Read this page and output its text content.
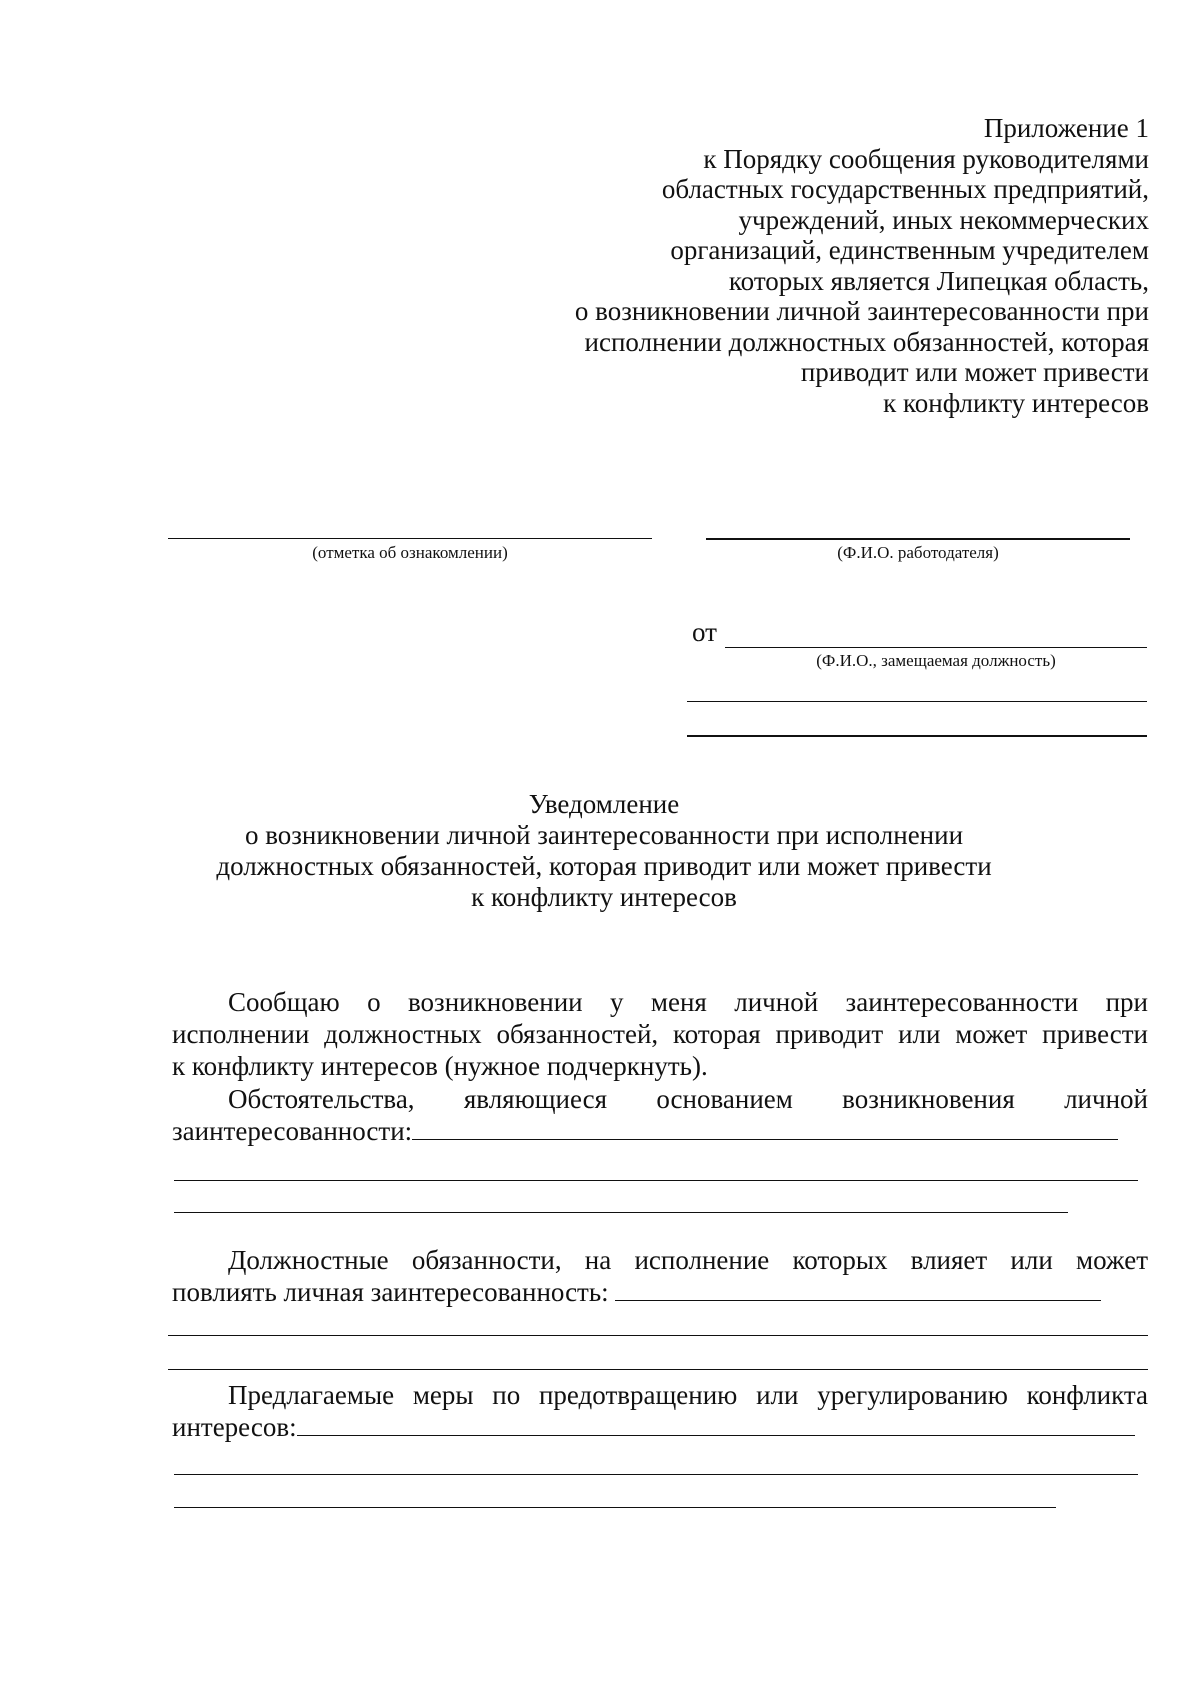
Приложение 1
к Порядку сообщения руководителями
областных государственных предприятий,
учреждений, иных некоммерческих
организаций, единственным учредителем
которых является Липецкая область,
о возникновении личной заинтересованности при
исполнении должностных обязанностей, которая
приводит или может привести
к конфликту интересов
(отметка об ознакомлении)	(Ф.И.О. работодателя)
от
(Ф.И.О., замещаемая должность)
Уведомление
о возникновении личной заинтересованности при исполнении
должностных обязанностей, которая приводит или может привести
к конфликту интересов
Сообщаю о возникновении у меня личной заинтересованности при
исполнении должностных обязанностей, которая приводит или может привести
к конфликту интересов (нужное подчеркнуть).
Обстоятельства, являющиеся основанием возникновения личной
заинтересованности:
Должностные обязанности, на исполнение которых влияет или может
повлиять личная заинтересованность:
Предлагаемые меры по предотвращению или урегулированию конфликта
интересов:
